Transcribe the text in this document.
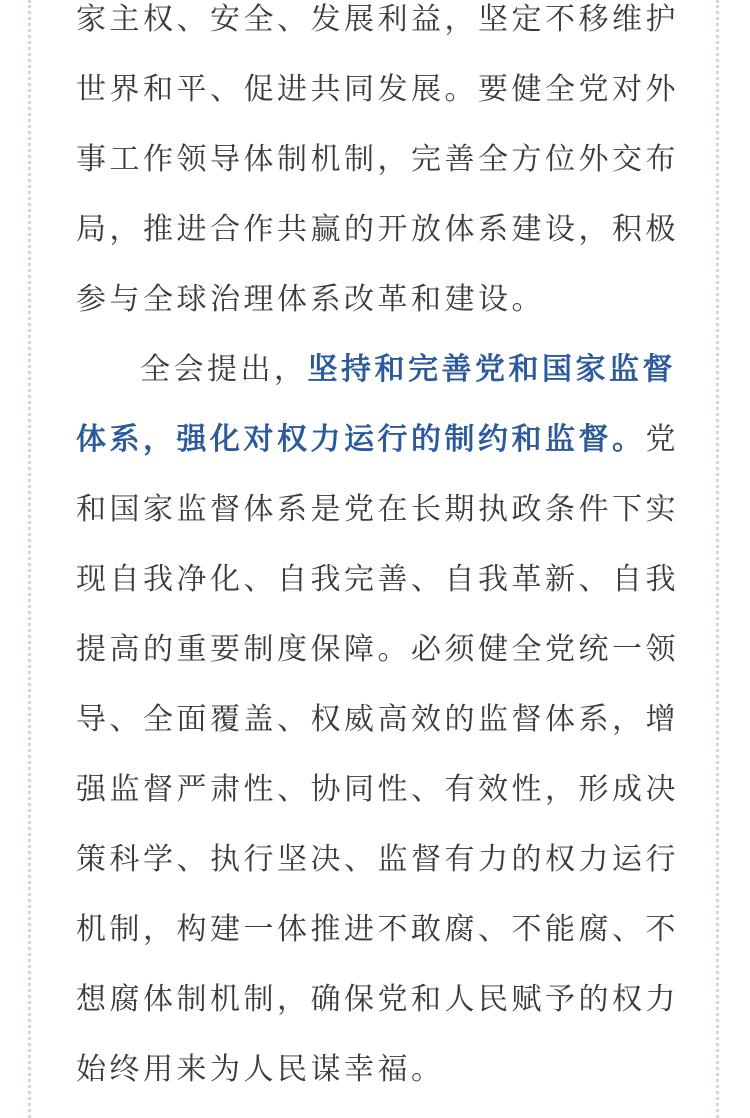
家主权、安全、发展利益，坚定不移维护
世界和平、促进共同发展。要健全党对外
事工作领导体制机制，完善全方位外交布
局，推进合作共赢的开放体系建设，积极
参与全球治理体系改革和建设。
全会提出，坚持和完善党和国家监督
体系，强化对权力运行的制约和监督。党
和国家监督体系是党在长期执政条件下实
现自我净化、自我完善、自我革新、自我
提高的重要制度保障。必须健全党统一领
导、全面覆盖、权威高效的监督体系，增
强监督严肃性、协同性、有效性，形成决
策科学、执行坚决、监督有力的权力运行
机制，构建一体推进不敢腐、不能腐、不
想腐体制机制，确保党和人民赋予的权力
始终用来为人民谋幸福。
